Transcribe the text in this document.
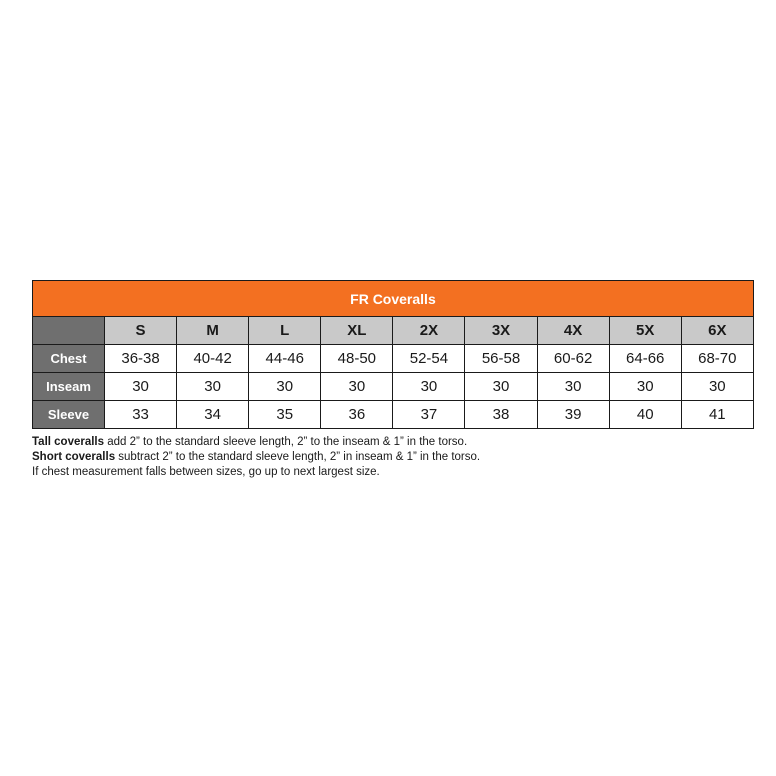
FR Coveralls									
	S	M	L	XL	2X	3X	4X	5X	6X
Chest	36-38	40-42	44-46	48-50	52-54	56-58	60-62	64-66	68-70
Inseam	30	30	30	30	30	30	30	30	30
Sleeve	33	34	35	36	37	38	39	40	41
Tall coveralls add 2” to the standard sleeve length, 2” to the inseam & 1” in the torso.
Short coveralls subtract 2” to the standard sleeve length, 2” in inseam & 1” in the torso.
If chest measurement falls between sizes, go up to next largest size.
